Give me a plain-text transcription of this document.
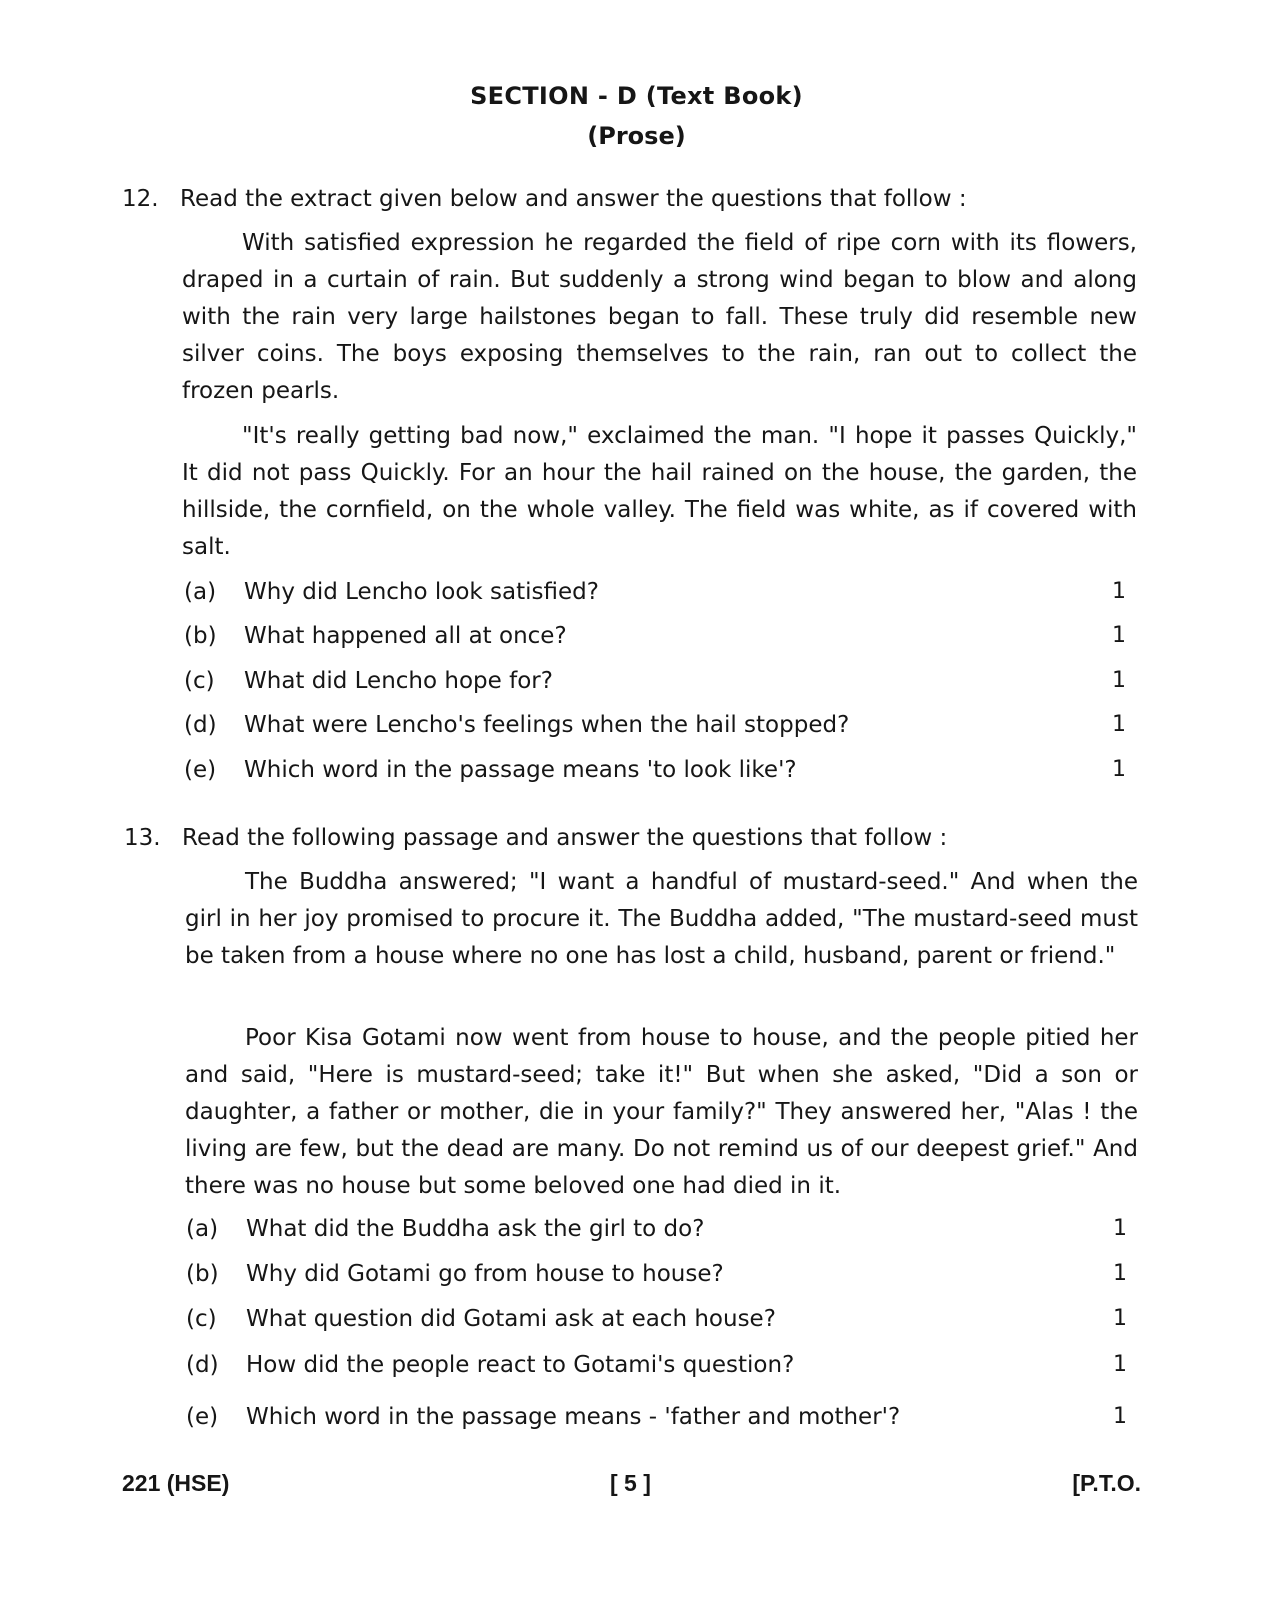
SECTION - D (Text Book)
(Prose)
12. Read the extract given below and answer the questions that follow :
With satisfied expression he regarded the field of ripe corn with its flowers, draped in a curtain of rain. But suddenly a strong wind began to blow and along with the rain very large hailstones began to fall. These truly did resemble new silver coins. The boys exposing themselves to the rain, ran out to collect the frozen pearls.
"It's really getting bad now," exclaimed the man. "I hope it passes Quickly," It did not pass Quickly. For an hour the hail rained on the house, the garden, the hillside, the cornfield, on the whole valley. The field was white, as if covered with salt.
(a) Why did Lencho look satisfied?	1
(b) What happened all at once?	1
(c) What did Lencho hope for?	1
(d) What were Lencho's feelings when the hail stopped?	1
(e) Which word in the passage means 'to look like'?	1
13. Read the following passage and answer the questions that follow :
The Buddha answered; "I want a handful of mustard-seed." And when the girl in her joy promised to procure it. The Buddha added, "The mustard-seed must be taken from a house where no one has lost a child, husband, parent or friend."
Poor Kisa Gotami now went from house to house, and the people pitied her and said, "Here is mustard-seed; take it!" But when she asked, "Did a son or daughter, a father or mother, die in your family?" They answered her, "Alas ! the living are few, but the dead are many. Do not remind us of our deepest grief." And there was no house but some beloved one had died in it.
(a) What did the Buddha ask the girl to do?	1
(b) Why did Gotami go from house to house?	1
(c) What question did Gotami ask at each house?	1
(d) How did the people react to Gotami's question?	1
(e) Which word in the passage means - 'father and mother'?	1
221 (HSE)	[ 5 ]	[P.T.O.
